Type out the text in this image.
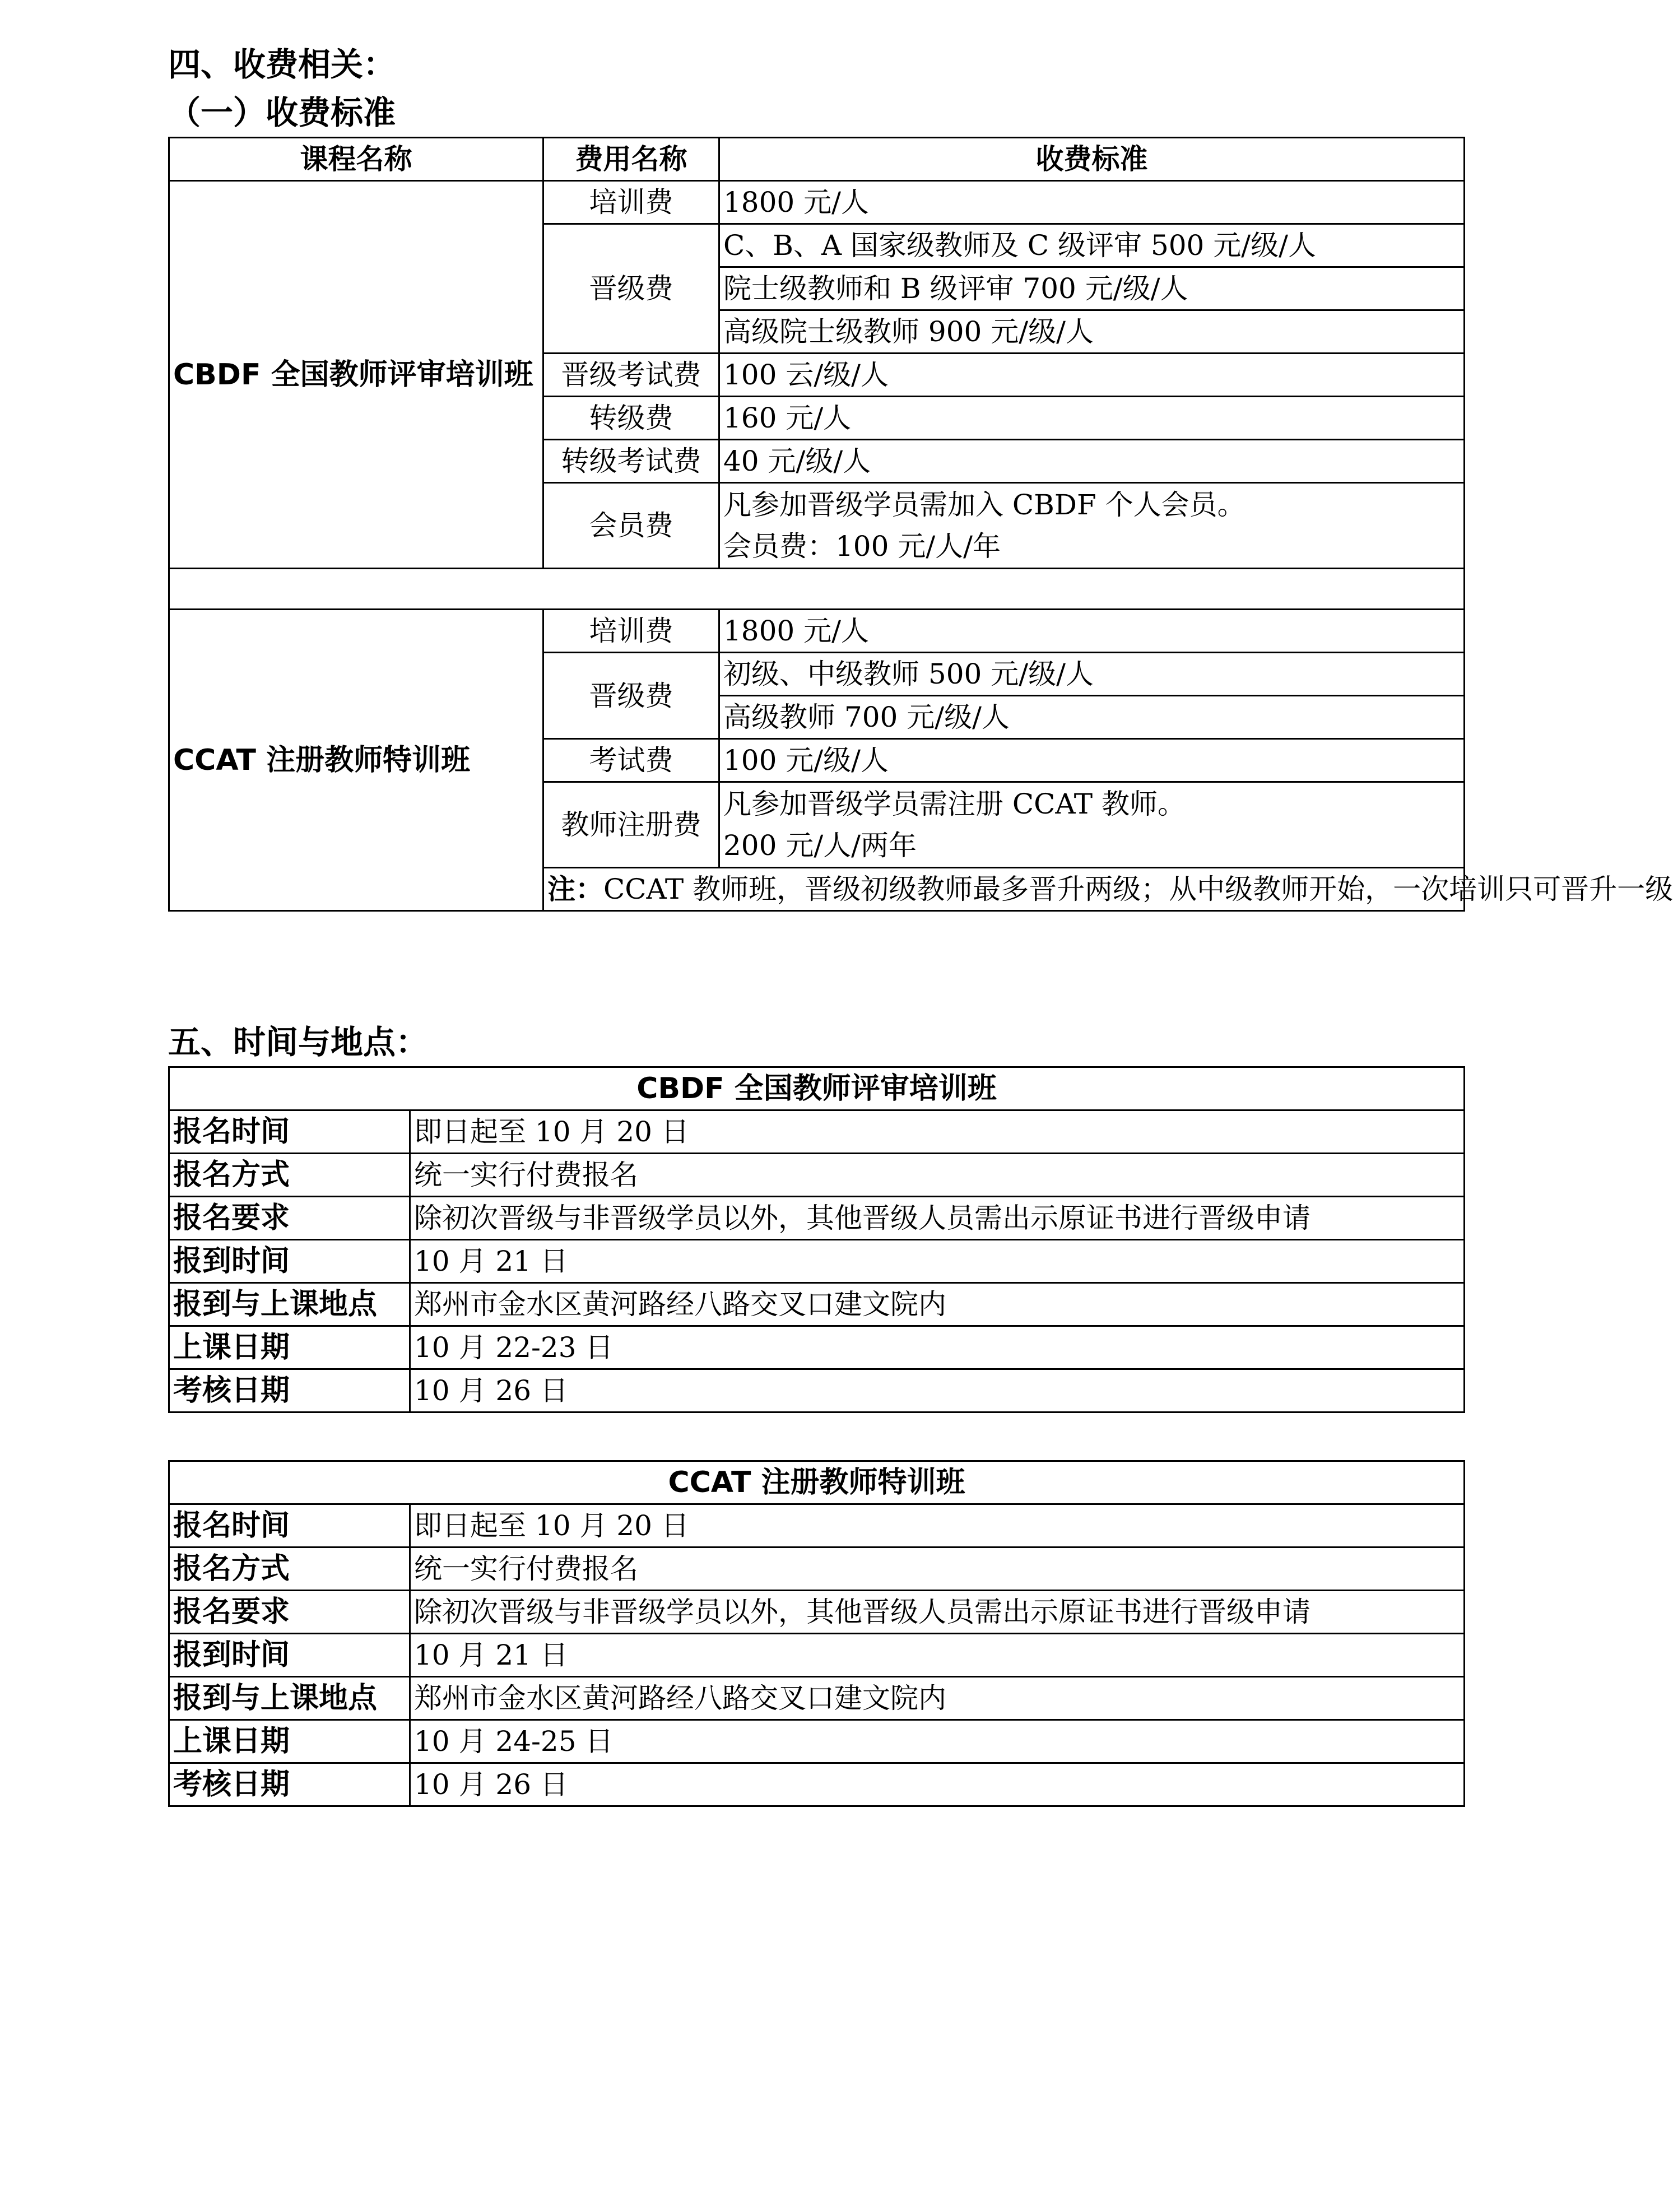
四、收费相关：
（一）收费标准
课程名称	费用名称	收费标准
CBDF 全国教师评审培训班	培训费	1800 元/人
	晋级费	C、B、A 国家级教师及 C 级评审 500 元/级/人
		院士级教师和 B 级评审 700 元/级/人
		高级院士级教师 900 元/级/人
	晋级考试费	100 云/级/人
	转级费	160 元/人
	转级考试费	40 元/级/人
	会员费	凡参加晋级学员需加入 CBDF 个人会员。
会员费：100 元/人/年

CCAT 注册教师特训班	培训费	1800 元/人
	晋级费	初级、中级教师 500 元/级/人
		高级教师 700 元/级/人
	考试费	100 元/级/人
	教师注册费	凡参加晋级学员需注册 CCAT 教师。
200 元/人/两年

	注：CCAT 教师班，晋级初级教师最多晋升两级；从中级教师开始，一次培训只可晋升一级	
五、时间与地点：
CBDF 全国教师评审培训班	
报名时间	即日起至 10 月 20 日
报名方式	统一实行付费报名
报名要求	除初次晋级与非晋级学员以外，其他晋级人员需出示原证书进行晋级申请
报到时间	10 月 21 日
报到与上课地点	郑州市金水区黄河路经八路交叉口建文院内
上课日期	10 月 22-23 日
考核日期	10 月 26 日
CCAT 注册教师特训班	
报名时间	即日起至 10 月 20 日
报名方式	统一实行付费报名
报名要求	除初次晋级与非晋级学员以外，其他晋级人员需出示原证书进行晋级申请
报到时间	10 月 21 日
报到与上课地点	郑州市金水区黄河路经八路交叉口建文院内
上课日期	10 月 24-25 日
考核日期	10 月 26 日
